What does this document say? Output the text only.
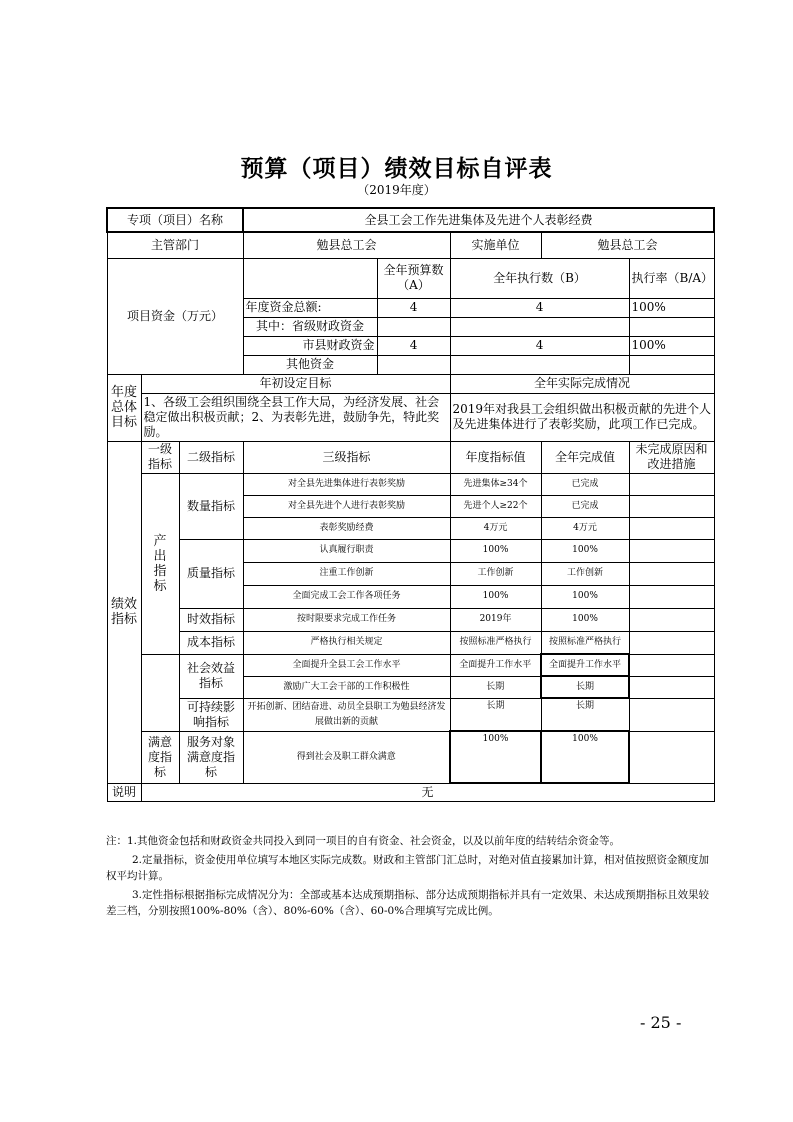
预算（项目）绩效目标自评表
（2019年度）
专项（项目）名称			全县工会工作先进集体及先进个人表彰经费				
主管部门			勉县总工会		实施单位	勉县总工会	
项目资金（万元）				全年预算数（A）	全年执行数（B）		执行率（B/A）
			年度资金总额:	4	4		100%
			其中：省级财政资金				
			市县财政资金	4	4		100%
			其他资金				
年度总体目标	年初设定目标				全年实际完成情况		
	1、各级工会组织围绕全县工作大局，为经济发展、社会稳定做出积极贡献；2、为表彰先进，鼓励争先，特此奖励。				2019年对我县工会组织做出积极贡献的先进个人及先进集体进行了表彰奖励，此项工作已完成。		
绩效指标	一级指标	二级指标	三级指标		年度指标值	全年完成值	未完成原因和改进措施
	产出指标	数量指标	对全县先进集体进行表彰奖励		先进集体≥34个	已完成	
			对全县先进个人进行表彰奖励		先进个人≥22个	已完成	
			表彰奖励经费		4万元	4万元	
		质量指标	认真履行职责		100%	100%	
			注重工作创新		工作创新	工作创新	
			全面完成工会工作各项任务		100%	100%	
		时效指标	按时限要求完成工作任务		2019年	100%	
		成本指标	严格执行相关规定		按照标准严格执行	按照标准严格执行	
		社会效益指标	全面提升全县工会工作水平		全面提升工作水平	全面提升工作水平	
			激励广大工会干部的工作积极性		长期	长期	
		可持续影响指标	开拓创新、团结奋进、动员全县职工为勉县经济发展做出新的贡献		长期	长期	
	满意度指标	服务对象满意度指标	得到社会及职工群众满意		100%	100%	
说明	无						

注：1.其他资金包括和财政资金共同投入到同一项目的自有资金、社会资金，以及以前年度的结转结余资金等。

2.定量指标，资金使用单位填写本地区实际完成数。财政和主管部门汇总时，对绝对值直接累加计算，相对值按照资金额度加权平均计算。

3.定性指标根据指标完成情况分为：全部或基本达成预期指标、部分达成预期指标并具有一定效果、未达成预期指标且效果较差三档，分别按照100%-80%（含）、80%-60%（含）、60-0%合理填写完成比例。

- 25 -
